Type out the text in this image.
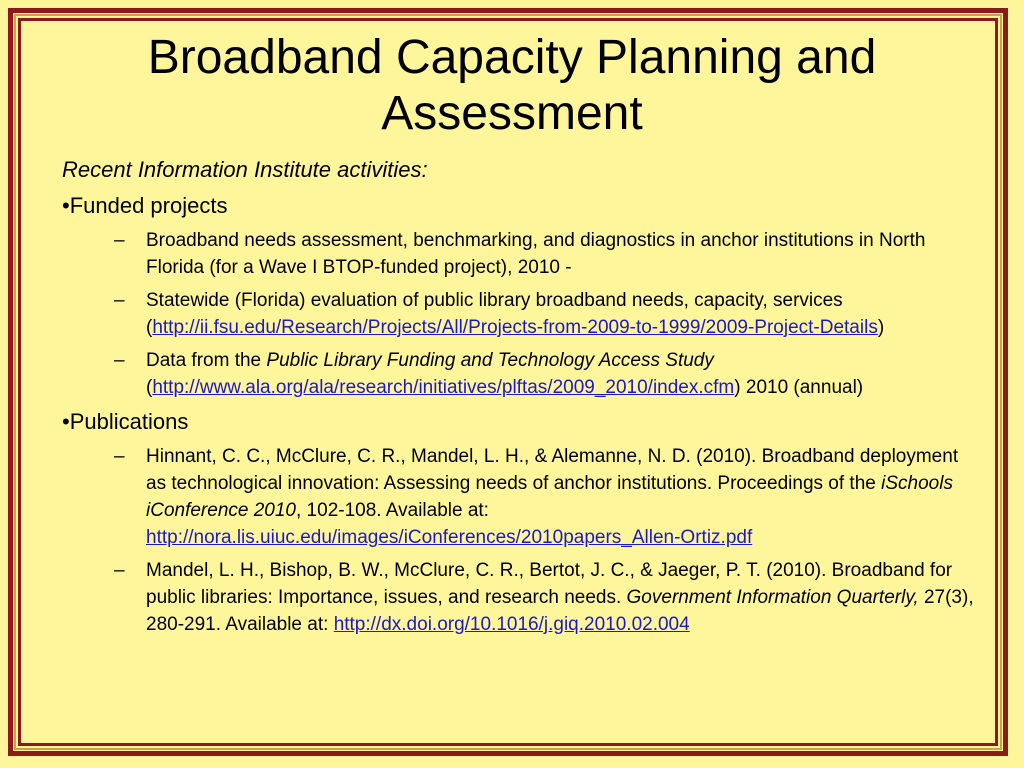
Broadband Capacity Planning and Assessment

Recent Information Institute activities:

•Funded projects

– Broadband needs assessment, benchmarking, and diagnostics in anchor institutions in North Florida (for a Wave I BTOP-funded project), 2010 -
– Statewide (Florida) evaluation of public library broadband needs, capacity, services (http://ii.fsu.edu/Research/Projects/All/Projects-from-2009-to-1999/2009-Project-Details)
– Data from the Public Library Funding and Technology Access Study (http://www.ala.org/ala/research/initiatives/plftas/2009_2010/index.cfm) 2010 (annual)

•Publications

– Hinnant, C. C., McClure, C. R., Mandel, L. H., & Alemanne, N. D. (2010). Broadband deployment as technological innovation: Assessing needs of anchor institutions. Proceedings of the iSchools iConference 2010, 102-108. Available at: http://nora.lis.uiuc.edu/images/iConferences/2010papers_Allen-Ortiz.pdf
– Mandel, L. H., Bishop, B. W., McClure, C. R., Bertot, J. C., & Jaeger, P. T. (2010). Broadband for public libraries: Importance, issues, and research needs. Government Information Quarterly, 27(3), 280-291. Available at: http://dx.doi.org/10.1016/j.giq.2010.02.004
